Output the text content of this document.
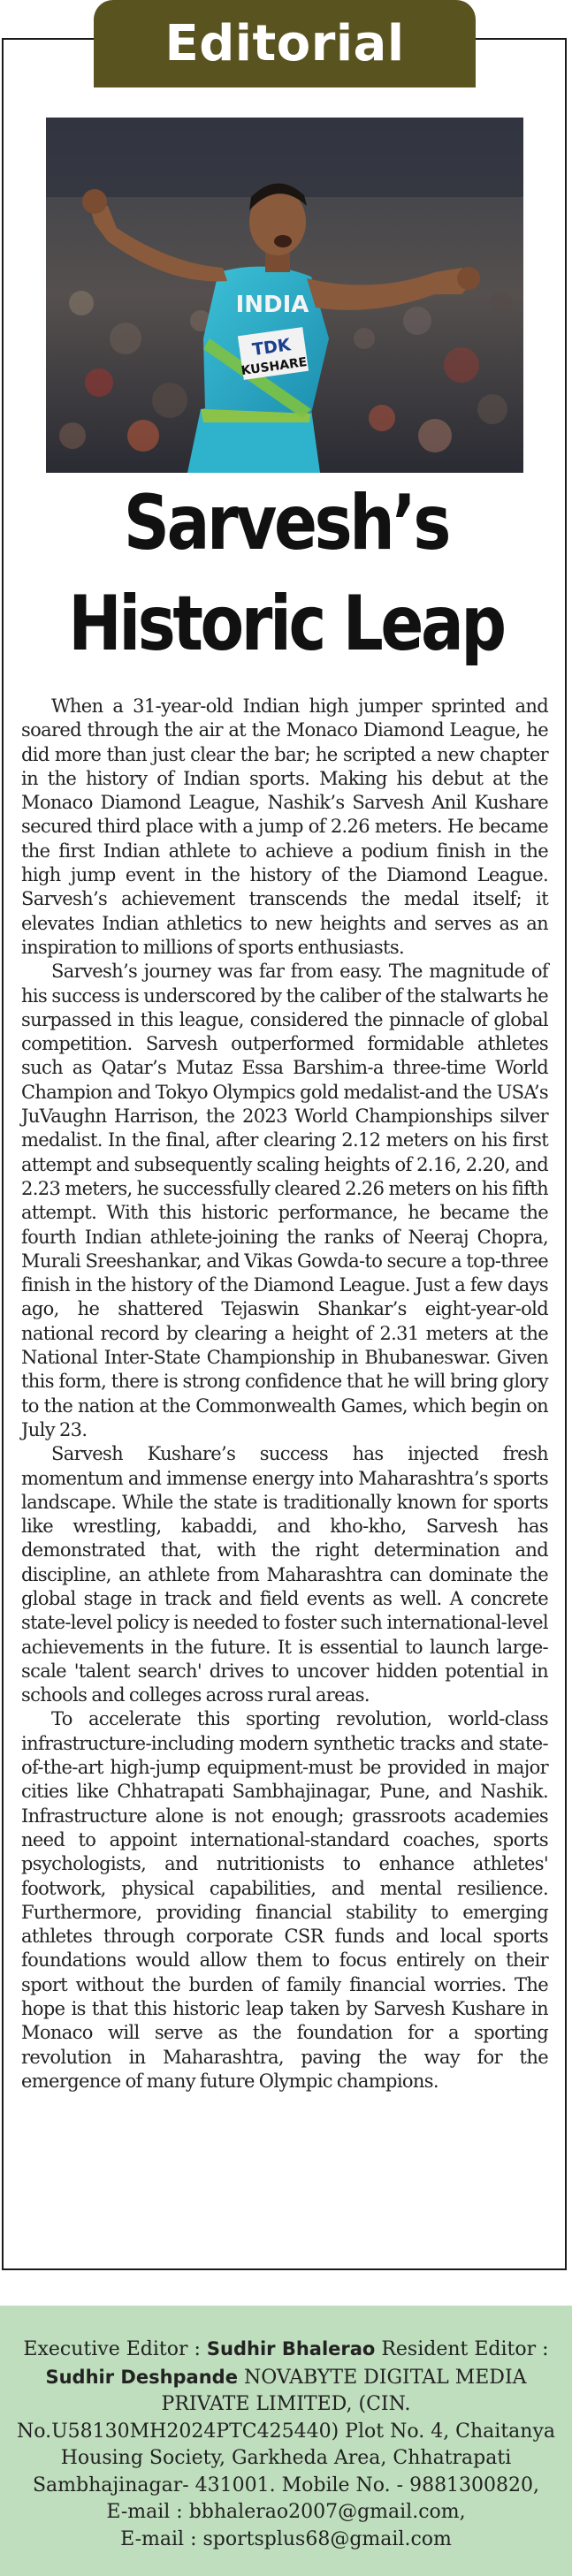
Editorial
INDIA
TDK
KUSHARE
Sarvesh’s
Historic Leap

When a 31-year-old Indian high jumper sprinted and soared through the air at the Monaco Diamond League, he did more than just clear the bar; he scripted a new chapter in the history of Indian sports. Making his debut at the Monaco Diamond League, Nashik’s Sarvesh Anil Kushare secured third place with a jump of 2.26 meters. He became the first Indian athlete to achieve a podium finish in the high jump event in the history of the Diamond League. Sarvesh’s achievement transcends the medal itself; it elevates Indian athletics to new heights and serves as an inspiration to millions of sports enthusiasts.

Sarvesh’s journey was far from easy. The magnitude of his success is underscored by the caliber of the stalwarts he surpassed in this league, considered the pinnacle of global competition. Sarvesh outperformed formidable athletes such as Qatar’s Mutaz Essa Barshim-a three-time World Champion and Tokyo Olympics gold medalist-and the USA’s JuVaughn Harrison, the 2023 World Championships silver medalist. In the final, after clearing 2.12 meters on his first attempt and subsequently scaling heights of 2.16, 2.20, and 2.23 meters, he successfully cleared 2.26 meters on his fifth attempt. With this historic performance, he became the fourth Indian athlete-joining the ranks of Neeraj Chopra, Murali Sreeshankar, and Vikas Gowda-to secure a top-three finish in the history of the Diamond League. Just a few days ago, he shattered Tejaswin Shankar’s eight-year-old national record by clearing a height of 2.31 meters at the National Inter-State Championship in Bhubaneswar. Given this form, there is strong confidence that he will bring glory to the nation at the Commonwealth Games, which begin on July 23.

Sarvesh Kushare’s success has injected fresh momentum and immense energy into Maharashtra’s sports landscape. While the state is traditionally known for sports like wrestling, kabaddi, and kho-kho, Sarvesh has demonstrated that, with the right determination and discipline, an athlete from Maharashtra can dominate the global stage in track and field events as well. A concrete state-level policy is needed to foster such international-level achievements in the future. It is essential to launch large-scale 'talent search' drives to uncover hidden potential in schools and colleges across rural areas.

To accelerate this sporting revolution, world-class infrastructure-including modern synthetic tracks and state-of-the-art high-jump equipment-must be provided in major cities like Chhatrapati Sambhajinagar, Pune, and Nashik. Infrastructure alone is not enough; grassroots academies need to appoint international-standard coaches, sports psychologists, and nutritionists to enhance athletes' footwork, physical capabilities, and mental resilience. Furthermore, providing financial stability to emerging athletes through corporate CSR funds and local sports foundations would allow them to focus entirely on their sport without the burden of family financial worries. The hope is that this historic leap taken by Sarvesh Kushare in Monaco will serve as the foundation for a sporting revolution in Maharashtra, paving the way for the emergence of many future Olympic champions.

Executive Editor : Sudhir Bhalerao Resident Editor : Sudhir Deshpande NOVABYTE DIGITAL MEDIA PRIVATE LIMITED, (CIN. No.U58130MH2024PTC425440) Plot No. 4, Chaitanya Housing Society, Garkheda Area, Chhatrapati Sambhajinagar- 431001. Mobile No. - 9881300820,
E-mail : bbhalerao2007@gmail.com,
E-mail : sportsplus68@gmail.com
